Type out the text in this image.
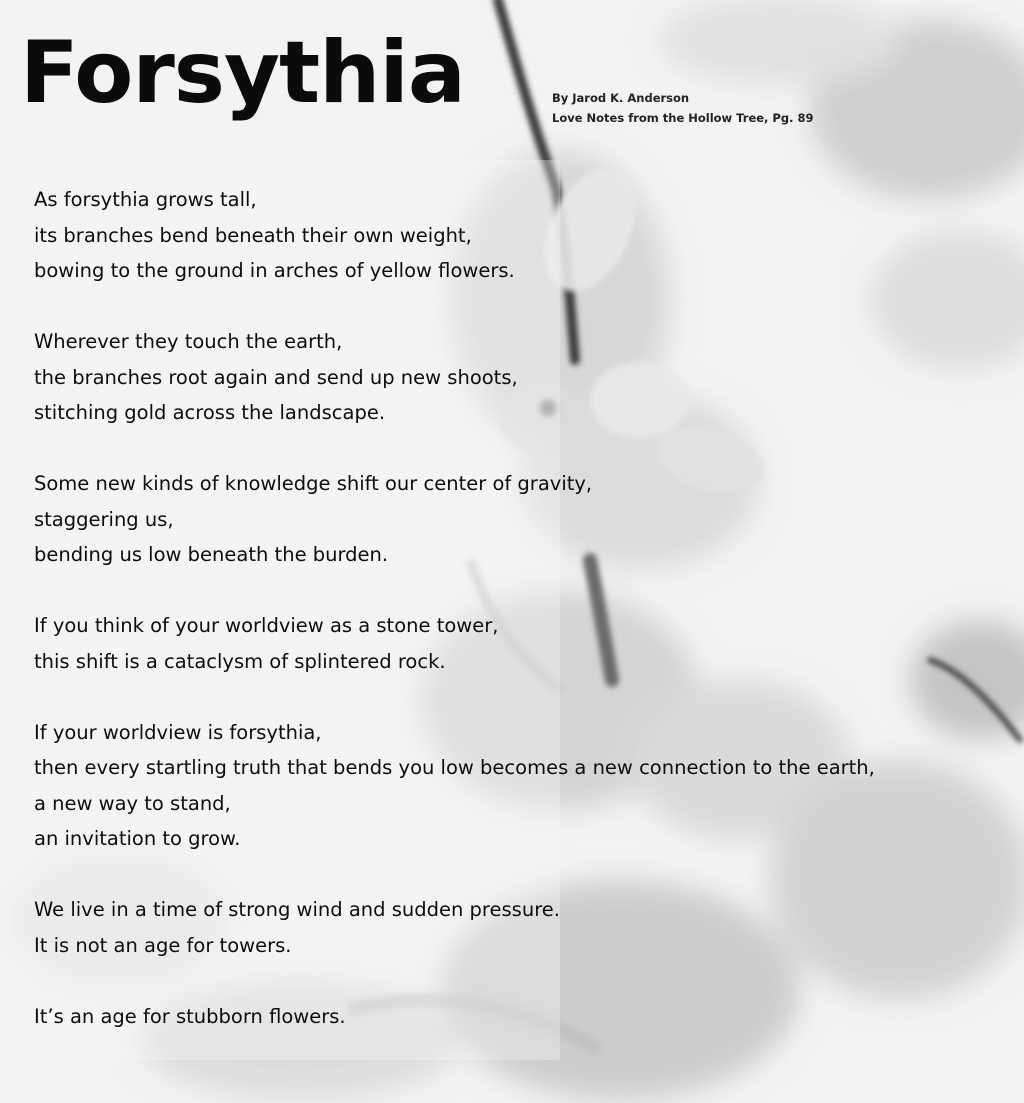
Forsythia	By Jarod K. Anderson
Love Notes from the Hollow Tree, Pg. 89
As forsythia grows tall,
its branches bend beneath their own weight,
bowing to the ground in arches of yellow flowers.
Wherever they touch the earth,
the branches root again and send up new shoots,
stitching gold across the landscape.
Some new kinds of knowledge shift our center of gravity,
staggering us,
bending us low beneath the burden.
If you think of your worldview as a stone tower,
this shift is a cataclysm of splintered rock.
If your worldview is forsythia,
then every startling truth that bends you low becomes a new connection to the earth,
a new way to stand,
an invitation to grow.
We live in a time of strong wind and sudden pressure.
It is not an age for towers.
It’s an age for stubborn flowers.
